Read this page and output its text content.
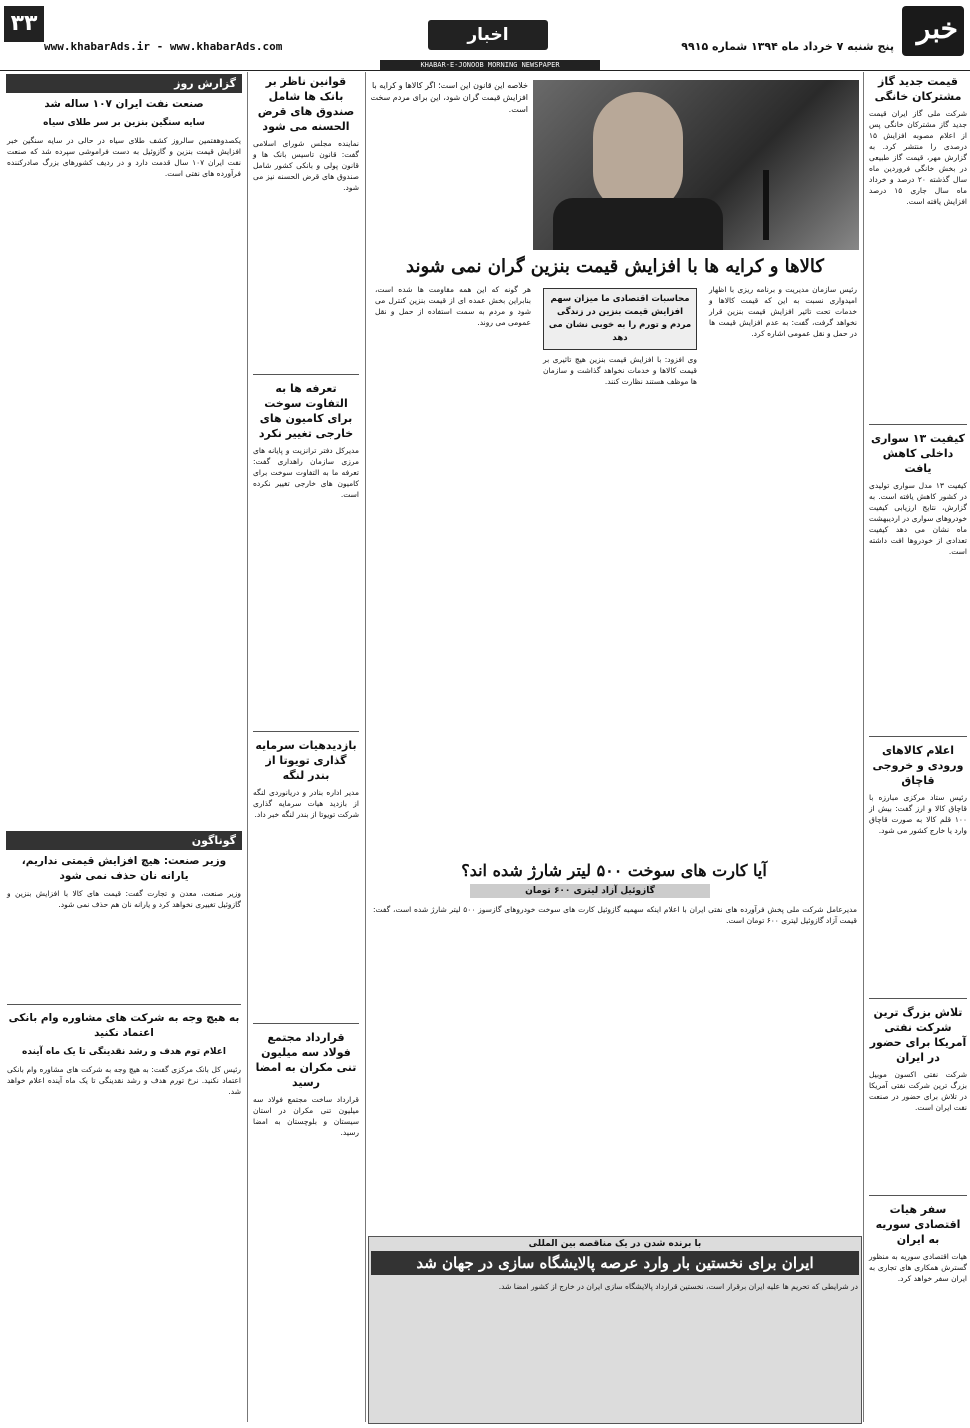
خبر
پنج شنبه ۷ خرداد ماه ۱۳۹۴ شماره ۹۹۱۵
اخبار
www.khabarAds.ir - www.khabarAds.com
۳۳
KHABAR-E-JONOOB MORNING NEWSPAPER
قیمت جدید گاز مشترکان خانگی
شرکت ملی گاز ایران قیمت جدید گاز مشترکان خانگی پس از اعلام مصوبه افزایش ۱۵ درصدی را منتشر کرد. به گزارش مهر، قیمت گاز طبیعی در بخش خانگی فروردین ماه سال گذشته ۲۰ درصد و خرداد ماه سال جاری ۱۵ درصد افزایش یافته است.
کیفیت ۱۳ سواری داخلی کاهش یافت
کیفیت ۱۳ مدل سواری تولیدی در کشور کاهش یافته است. به گزارش، نتایج ارزیابی کیفیت خودروهای سواری در اردیبهشت ماه نشان می دهد کیفیت تعدادی از خودروها افت داشته است.
اعلام کالاهای ورودی و خروجی قاچاق
رئیس ستاد مرکزی مبارزه با قاچاق کالا و ارز گفت: بیش از ۱۰۰ قلم کالا به صورت قاچاق وارد یا خارج کشور می شود.
تلاش بزرگ ترین شرکت نفتی آمریکا برای حضور در ایران
شرکت نفتی اکسون موبیل بزرگ ترین شرکت نفتی آمریکا در تلاش برای حضور در صنعت نفت ایران است.
سفر هیات اقتصادی سوریه به ایران
هیات اقتصادی سوریه به منظور گسترش همکاری های تجاری به ایران سفر خواهد کرد.
خلاصه این قانون این است؛ اگر کالاها و کرایه با افزایش قیمت گران شود، این برای مردم سخت است.
کالاها و کرایه ها با افزایش قیمت بنزین گران نمی شوند
رئیس سازمان مدیریت و برنامه ریزی با اظهار امیدواری نسبت به این که قیمت کالاها و خدمات تحت تاثیر افزایش قیمت بنزین قرار نخواهد گرفت، گفت: به عدم افزایش قیمت ها در حمل و نقل عمومی اشاره کرد.
محاسبات اقتصادی ما میزان سهم افزایش قیمت بنزین در زندگی مردم و تورم را به خوبی نشان می دهد
وی افزود: با افزایش قیمت بنزین هیچ تاثیری بر قیمت کالاها و خدمات نخواهد گذاشت و سازمان ها موظف هستند نظارت کنند.
هر گونه که این همه مقاومت ها شده است، بنابراین بخش عمده ای از قیمت بنزین کنترل می شود و مردم به سمت استفاده از حمل و نقل عمومی می روند.
آیا کارت های سوخت ۵۰۰ لیتر شارژ شده اند؟
گازوئیل آزاد لیتری ۶۰۰ تومان
مدیرعامل شرکت ملی پخش فرآورده های نفتی ایران با اعلام اینکه سهمیه گازوئیل کارت های سوخت خودروهای گازسوز ۵۰۰ لیتر شارژ شده است، گفت: قیمت آزاد گازوئیل لیتری ۶۰۰ تومان است.
با برنده شدن در یک مناقصه بین المللی
ایران برای نخستین بار وارد عرصه پالایشگاه سازی در جهان شد
در شرایطی که تحریم ها علیه ایران برقرار است، نخستین قرارداد پالایشگاه سازی ایران در خارج از کشور امضا شد.
قوانین ناظر بر بانک ها شامل صندوق های قرض الحسنه می شود
نماینده مجلس شورای اسلامی گفت: قانون تاسیس بانک ها و قانون پولی و بانکی کشور شامل صندوق های قرض الحسنه نیز می شود.
تعرفه ها به التفاوت سوخت برای کامیون های خارجی تغییر نکرد
مدیرکل دفتر ترانزیت و پایانه های مرزی سازمان راهداری گفت: تعرفه ما به التفاوت سوخت برای کامیون های خارجی تغییر نکرده است.
بازدیدهیات سرمایه گذاری تویوتا از بندر لنگه
مدیر اداره بنادر و دریانوردی لنگه از بازدید هیات سرمایه گذاری شرکت تویوتا از بندر لنگه خبر داد.
قرارداد مجتمع فولاد سه میلیون تنی مکران به امضا رسید
قرارداد ساخت مجتمع فولاد سه میلیون تنی مکران در استان سیستان و بلوچستان به امضا رسید.
گزارش روز
صنعت نفت ایران ۱۰۷ ساله شد
سایه سنگین بنزین بر سر طلای سیاه
یکصدوهفتمین سالروز کشف طلای سیاه در حالی در سایه سنگین خبر افزایش قیمت بنزین و گازوئیل به دست فراموشی سپرده شد که صنعت نفت ایران ۱۰۷ سال قدمت دارد و در ردیف کشورهای بزرگ صادرکننده فرآورده های نفتی است.
گوناگون
وزیر صنعت: هیچ افزایش قیمتی نداریم، یارانه نان حذف نمی شود
وزیر صنعت، معدن و تجارت گفت: قیمت های کالا با افزایش بنزین و گازوئیل تغییری نخواهد کرد و یارانه نان هم حذف نمی شود.
به هیچ وجه به شرکت های مشاوره وام بانکی اعتماد نکنید
اعلام توم هدف و رشد نقدینگی تا یک ماه آینده
رئیس کل بانک مرکزی گفت: به هیچ وجه به شرکت های مشاوره وام بانکی اعتماد نکنید. نرخ تورم هدف و رشد نقدینگی تا یک ماه آینده اعلام خواهد شد.
